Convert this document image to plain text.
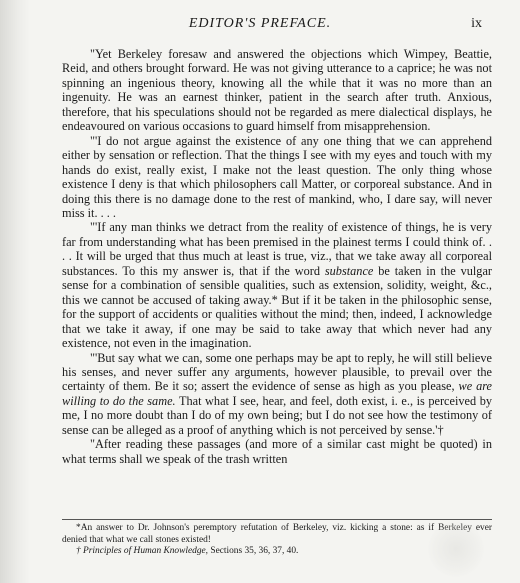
EDITOR'S PREFACE.	ix

"Yet Berkeley foresaw and answered the objections which Wimpey, Beattie, Reid, and others brought forward. He was not giving utterance to a caprice; he was not spinning an ingenious theory, knowing all the while that it was no more than an ingenuity. He was an earnest thinker, patient in the search after truth. Anxious, therefore, that his speculations should not be regarded as mere dialectical displays, he endeavoured on various occasions to guard himself from misapprehension.

"'I do not argue against the existence of any one thing that we can apprehend either by sensation or reflection. That the things I see with my eyes and touch with my hands do exist, really exist, I make not the least question. The only thing whose existence I deny is that which philosophers call Matter, or corporeal substance. And in doing this there is no damage done to the rest of mankind, who, I dare say, will never miss it. . . .

"'If any man thinks we detract from the reality of existence of things, he is very far from understanding what has been premised in the plainest terms I could think of. . . . It will be urged that thus much at least is true, viz., that we take away all corporeal substances. To this my answer is, that if the word substance be taken in the vulgar sense for a combination of sensible qualities, such as extension, solidity, weight, &c., this we cannot be accused of taking away.* But if it be taken in the philosophic sense, for the support of accidents or qualities without the mind; then, indeed, I acknowledge that we take it away, if one may be said to take away that which never had any existence, not even in the imagination.

"'But say what we can, some one perhaps may be apt to reply, he will still believe his senses, and never suffer any arguments, however plausible, to prevail over the certainty of them. Be it so; assert the evidence of sense as high as you please, we are willing to do the same. That what I see, hear, and feel, doth exist, i. e., is perceived by me, I no more doubt than I do of my own being; but I do not see how the testimony of sense can be alleged as a proof of anything which is not perceived by sense.'†

"After reading these passages (and more of a similar cast might be quoted) in what terms shall we speak of the trash written

*An answer to Dr. Johnson's peremptory refutation of Berkeley, viz. kicking a stone: as if Berkeley ever denied that what we call stones existed!

† Principles of Human Knowledge, Sections 35, 36, 37, 40.
